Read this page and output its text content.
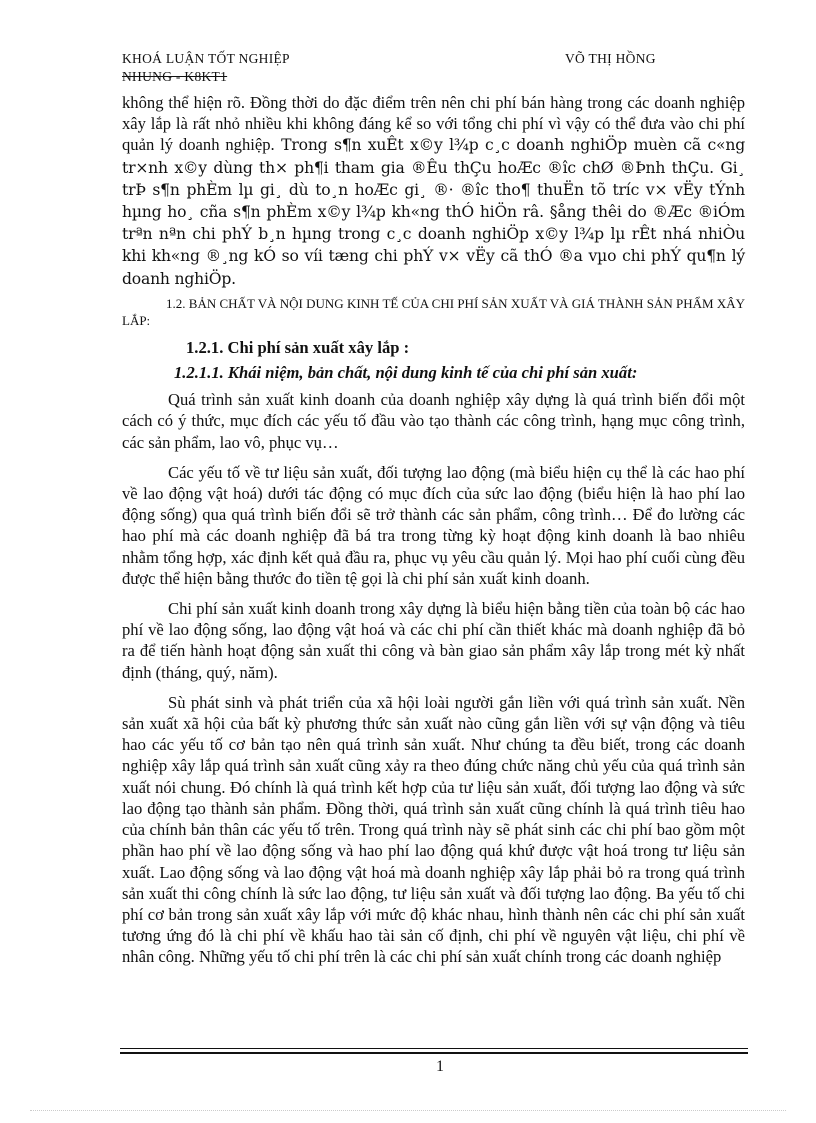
KHOÁ LUẬN TỐT NGHIỆP	VÕ THỊ HỒNG
NHUNG - K8KT1

không thể hiện rõ. Đồng thời do đặc điểm trên nên chi phí bán hàng trong các doanh nghiệp xây lắp là rất nhỏ nhiều khi không đáng kể so với tổng chi phí vì vậy có thể đưa vào chi phí quản lý doanh nghiệp. Trong s¶n xuÊt x©y l¾p c¸c doanh nghiÖp muèn cã c«ng tr×nh x©y dùng th× ph¶i tham gia ®Êu thÇu hoÆc ®îc chØ ®Þnh thÇu. Gi¸ trÞ s¶n phÈm lµ gi¸ dù to¸n hoÆc gi¸ ®· ®îc tho¶ thuËn tõ tríc v× vËy tÝnh hµng ho¸ cña s¶n phÈm x©y l¾p kh«ng thÓ hiÖn râ. §ång thêi do ®Æc ®iÓm trªn nªn chi phÝ b¸n hµng trong c¸c doanh nghiÖp x©y l¾p lµ rÊt nhá nhiÒu khi kh«ng ®¸ng kÓ so víi tæng chi phÝ v× vËy cã thÓ ®a vµo chi phÝ qu¶n lý doanh nghiÖp.

1.2. BẢN CHẤT VÀ NỘI DUNG KINH TẾ CỦA CHI PHÍ SẢN XUẤT VÀ GIÁ THÀNH SẢN PHẨM XÂY LẮP:

1.2.1. Chi phí sản xuất xây lắp :

1.2.1.1. Khái niệm, bản chất, nội dung kinh tế của chi phí sản xuất:

Quá trình sản xuất kinh doanh của doanh nghiệp xây dựng là quá trình biến đổi một cách có ý thức, mục đích các yếu tố đầu vào tạo thành các công trình, hạng mục công trình, các sản phẩm, lao vô, phục vụ…

Các yếu tố về tư liệu sản xuất, đối tượng lao động (mà biểu hiện cụ thể là các hao phí về lao động vật hoá) dưới tác động có mục đích của sức lao động (biểu hiện là hao phí lao động sống) qua quá trình biến đổi sẽ trở thành các sản phẩm, công trình… Để đo lường các hao phí mà các doanh nghiệp đã bá tra trong từng kỳ hoạt động kinh doanh là bao nhiêu nhằm tổng hợp, xác định kết quả đầu ra, phục vụ yêu cầu quản lý. Mọi hao phí cuối cùng đều được thể hiện bằng thước đo tiền tệ gọi là chi phí sản xuất kinh doanh.

Chi phí sản xuất kinh doanh trong xây dựng là biểu hiện bằng tiền của toàn bộ các hao phí về lao động sống, lao động vật hoá và các chi phí cần thiết khác mà doanh nghiệp đã bỏ ra để tiến hành hoạt động sản xuất thi công và bàn giao sản phẩm xây lắp trong mét kỳ nhất định (tháng, quý, năm).

Sù phát sinh và phát triển của xã hội loài người gắn liền với quá trình sản xuất. Nền sản xuất xã hội của bất kỳ phương thức sản xuất nào cũng gắn liền với sự vận động và tiêu hao các yếu tố cơ bản tạo nên quá trình sản xuất. Như chúng ta đều biết, trong các doanh nghiệp xây lắp quá trình sản xuất cũng xảy ra theo đúng chức năng chủ yếu của quá trình sản xuất nói chung. Đó chính là quá trình kết hợp của tư liệu sản xuất, đối tượng lao động và sức lao động tạo thành sản phẩm. Đồng thời, quá trình sản xuất cũng chính là quá trình tiêu hao của chính bản thân các yếu tố trên. Trong quá trình này sẽ phát sinh các chi phí bao gồm một phần hao phí về lao động sống và hao phí lao động quá khứ được vật hoá trong tư liệu sản xuất. Lao động sống và lao động vật hoá mà doanh nghiệp xây lắp phải bỏ ra trong quá trình sản xuất thi công chính là sức lao động, tư liệu sản xuất và đối tượng lao động. Ba yếu tố chi phí cơ bản trong sản xuất xây lắp với mức độ khác nhau, hình thành nên các chi phí sản xuất tương ứng đó là chi phí về khấu hao tài sản cố định, chi phí về nguyên vật liệu, chi phí về nhân công. Những yếu tố chi phí trên là các chi phí sản xuất chính trong các doanh nghiệp

1
